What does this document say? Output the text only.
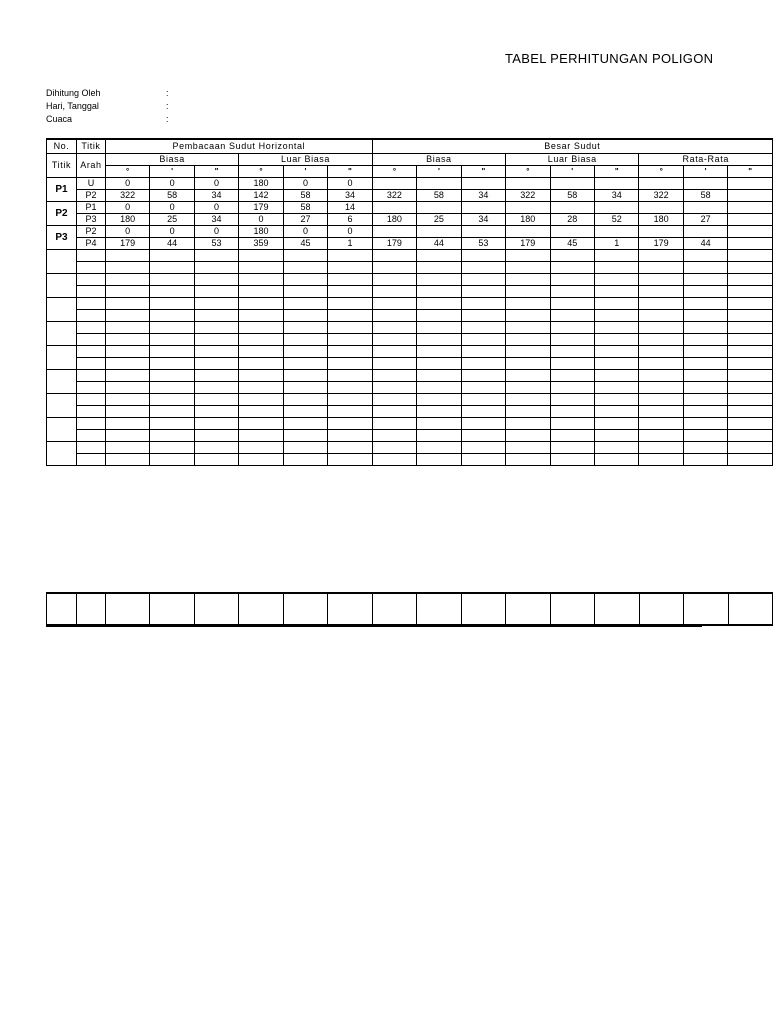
TABEL PERHITUNGAN POLIGON
Dihitung Oleh	:
Hari, Tanggal	:
Cuaca	:
No.	Titik	Pembacaan Sudut Horizontal						Besar Sudut								
Titik	Arah	Biasa			Luar Biasa			Biasa			Luar Biasa			Rata-Rata		
		°	'	"	°	'	"	°	'	"	°	'	"	°	'	"
P1	U	0	0	0	180	0	0									
	P2	322	58	34	142	58	34	322	58	34	322	58	34	322	58	
P2	P1	0	0	0	179	58	14									
	P3	180	25	34	0	27	6	180	25	34	180	28	52	180	27	
P3	P2	0	0	0	180	0	0									
	P4	179	44	53	359	45	1	179	44	53	179	45	1	179	44	
